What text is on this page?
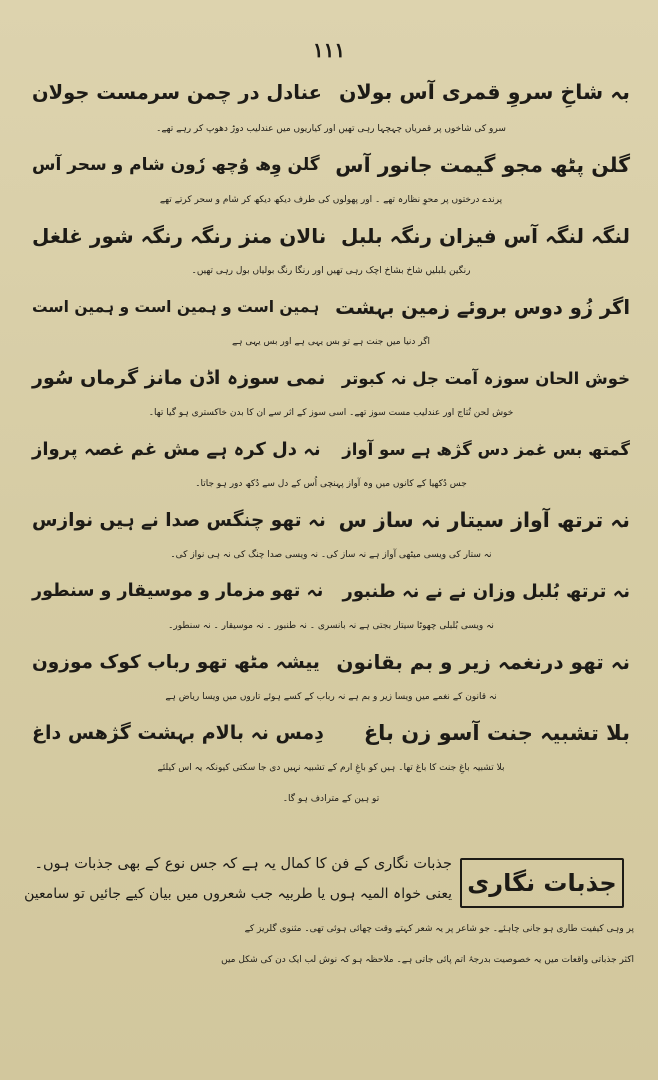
۱۱۱
بہ شاخِ سروِ قمری آس بولان
عنادل در چمن سرمست جولان
سرو کی شاخوں پر قمریاں چہچہا رہی تھیں اور کیاریوں میں عندلیب دوڑ دھوپ کر رہے تھے۔
گلن پٹھ مجو گیمت جانور آس
گلن وِھ وُچھ رٗون شام و سحر آس
پرندے درختوں پر محوِ نظارہ تھے ۔ اور پھولوں کی طرف دیکھ دیکھ کر شام و سحر کرتے تھے
لنگہ لنگہ آس فیزان رنگہ بلبل
نالان منز رنگہ رنگہ شور غلغل
رنگین بلبلیں شاخ بشاخ اچک رہی تھیں اور رنگا رنگ بولیاں بول رہی تھیں۔
اگر زُو دوس بروئے زمین بہشت
ہمین است و ہمین است و ہمین است
اگر دنیا میں جنت ہے تو بس یہی ہے اور بس یہی ہے
خوش الحان سوزہ آمت جل نہ کبوتر
نمی سوزہ اڈن مانز گرماں سُور
خوش لحن تُتاج اور عندلیب مست سوز تھے۔ اسی سوز کے اثر سے ان کا بدن خاکستری ہو گیا تھا۔
گمتھ بس غمز دس گژھ ہے سو آواز
نہ دل کرہ ہے مش غم غصہ پرواز
جس دُکھیا کے کانوں میں وہ آواز پہنچی اُس کے دل سے دُکھ دور ہو جاتا۔
نہ ترتھ آواز سیتار نہ ساز س
نہ تھو چنگس صدا نے ہیں نوازس
نہ ستار کی ویسی میٹھی آواز ہے نہ ساز کی۔ نہ ویسی صدا چنگ کی نہ ہی نواز کی۔
نہ ترتھ بُلبل وزان نے نے نہ طنبور
نہ تھو مزمار و موسیقار و سنطور
نہ ویسی بُلبلی چھوٹا سیتار بجتی ہے نہ بانسری ۔ نہ طنبور ۔ نہ موسیقار ۔ نہ سنطور۔
نہ تھو درنغمہ زیر و بم بقانون
ییشہ مٹھ تھو رباب کوک موزون
نہ قانون کے نغمے میں ویسا زیر و بم ہے نہ رباب کے کسے ہوئے تاروں میں ویسا ریاض ہے
بلا تشبیہ جنت آسو زن باغ
دِمس نہ بالام بہشت گژھس داغ
بلا تشبیہ باغِ جنت کا باغ تھا۔ ہیں کو باغِ ارم کے تشبیہ نہیں دی جا سکتی کیونکہ یہ اس کیلئے
تو ہین کے مترادف ہو گا۔
جذبات نگاری
جذبات نگاری کے فن کا کمال یہ ہے کہ جس نوع کے بھی جذبات ہوں۔
یعنی خواہ المیہ ہوں یا طربیہ جب شعروں میں بیان کیے جائیں تو سامعین
پر وہی کیفیت طاری ہو جانی چاہئے۔ جو شاعر پر یہ شعر کہتے وقت چھائی ہوئی تھی۔ مثنوی گلریز کے
اکثر جذباتی واقعات میں یہ خصوصیت بدرجۂ اتم پائی جاتی ہے۔ ملاحظہ ہو کہ نوش لب ایک دن کی شکل میں
